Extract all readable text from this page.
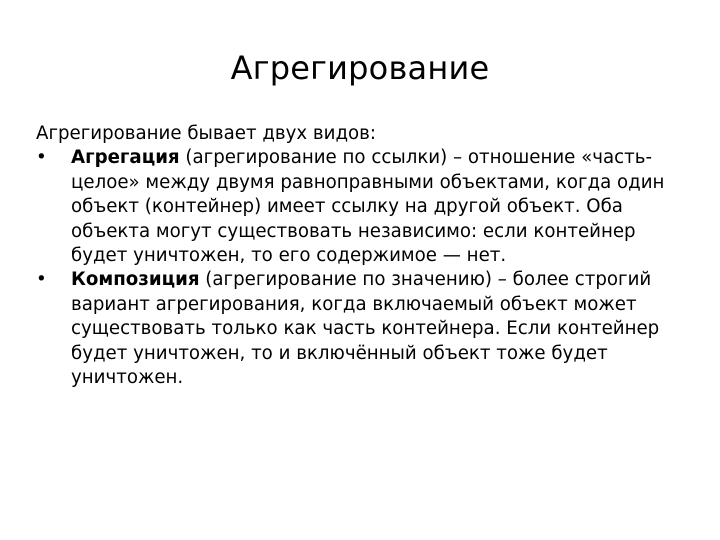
Агрегирование

Агрегирование бывает двух видов:

•	Агрегация (агрегирование по ссылки) – отношение «часть-целое» между двумя равноправными объектами, когда один объект (контейнер) имеет ссылку на другой объект. Оба объекта могут существовать независимо: если контейнер будет уничтожен, то его содержимое — нет.
•	Композиция (агрегирование по значению) – более строгий вариант агрегирования, когда включаемый объект может существовать только как часть контейнера. Если контейнер будет уничтожен, то и включённый объект тоже будет уничтожен.
